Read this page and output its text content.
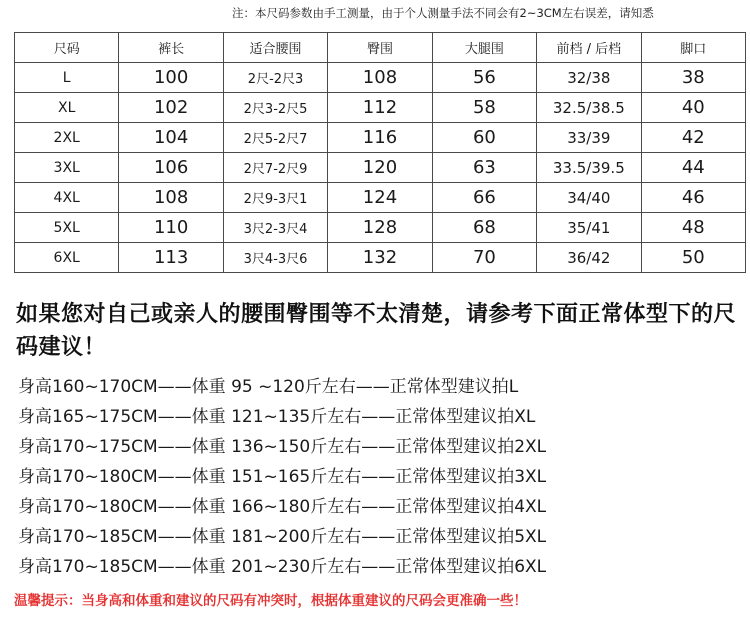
注：本尺码参数由手工测量，由于个人测量手法不同会有2~3CM左右误差，请知悉
尺码	裤长	适合腰围	臀围	大腿围	前档 / 后档	脚口
L	100	2尺-2尺3	108	56	32/38	38
XL	102	2尺3-2尺5	112	58	32.5/38.5	40
2XL	104	2尺5-2尺7	116	60	33/39	42
3XL	106	2尺7-2尺9	120	63	33.5/39.5	44
4XL	108	2尺9-3尺1	124	66	34/40	46
5XL	110	3尺2-3尺4	128	68	35/41	48
6XL	113	3尺4-3尺6	132	70	36/42	50
如果您对自己或亲人的腰围臀围等不太清楚，请参考下面正常体型下的尺码建议！
身高160~170CM——体重 95 ~120斤左右——正常体型建议拍L
身高165~175CM——体重 121~135斤左右——正常体型建议拍XL
身高170~175CM——体重 136~150斤左右——正常体型建议拍2XL
身高170~180CM——体重 151~165斤左右——正常体型建议拍3XL
身高170~180CM——体重 166~180斤左右——正常体型建议拍4XL
身高170~185CM——体重 181~200斤左右——正常体型建议拍5XL
身高170~185CM——体重 201~230斤左右——正常体型建议拍6XL
温馨提示：当身高和体重和建议的尺码有冲突时，根据体重建议的尺码会更准确一些！
